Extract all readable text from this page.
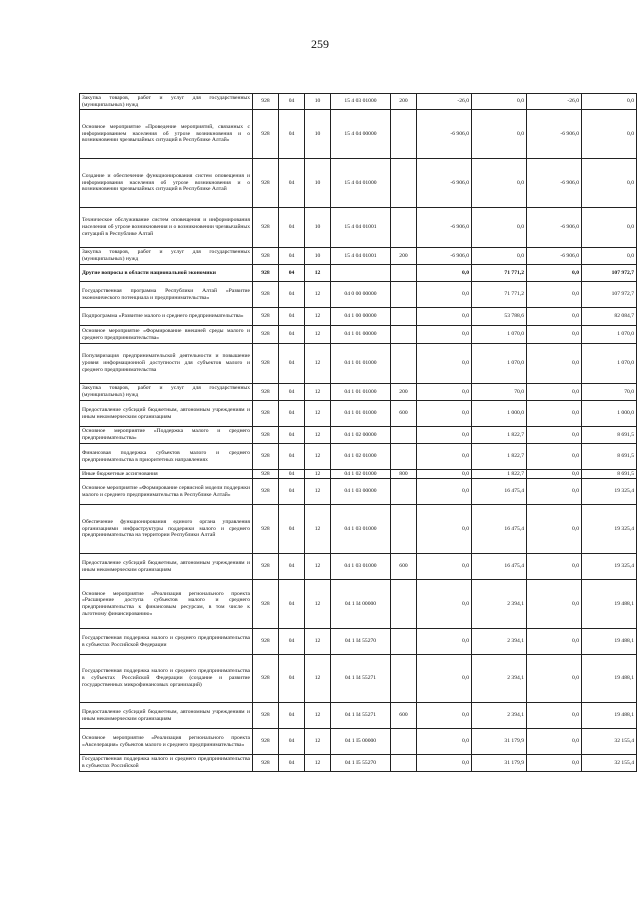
259
Закупка товаров, работ и услуг для государственных (муниципальных) нужд	928	04	10	15 4 03 01000	200	-26,0	0,0	-26,0	0,0
Основное мероприятие «Проведение мероприятий, связанных с информированием населения об угрозе возникновения и о возникновении чрезвычайных ситуаций в Республике Алтай»	928	04	10	15 4 04 00000		-6 906,0	0,0	-6 906,0	0,0
Создание и обеспечение функционирования систем оповещения и информирования населения об угрозе возникновения и о возникновении чрезвычайных ситуаций в Республике Алтай	928	04	10	15 4 04 01000		-6 906,0	0,0	-6 906,0	0,0
Техническое обслуживание систем оповещения и информирования населения об угрозе возникновения и о возникновении чрезвычайных ситуаций в Республике Алтай	928	04	10	15 4 04 01001		-6 906,0	0,0	-6 906,0	0,0
Закупка товаров, работ и услуг для государственных (муниципальных) нужд	928	04	10	15 4 04 01001	200	-6 906,0	0,0	-6 906,0	0,0
Другие вопросы в области национальной экономики	928	04	12			0,0	71 771,2	0,0	107 972,7
Государственная программа Республики Алтай «Развитие экономического потенциала и предпринимательства»	928	04	12	04 0 00 00000		0,0	71 771,2	0,0	107 972,7
Подпрограмма «Развитие малого и среднего предпринимательства»	928	04	12	04 1 00 00000		0,0	53 788,6	0,0	82 084,7
Основное мероприятие «Формирование внешней среды малого и среднего предпринимательства»	928	04	12	04 1 01 00000		0,0	1 070,0	0,0	1 070,0
Популяризация предпринимательской деятельности и повышение уровня информационной доступности для субъектов малого и среднего предпринимательства	928	04	12	04 1 01 01000		0,0	1 070,0	0,0	1 070,0
Закупка товаров, работ и услуг для государственных (муниципальных) нужд	928	04	12	04 1 01 01000	200	0,0	70,0	0,0	70,0
Предоставление субсидий бюджетным, автономным учреждениям и иным некоммерческим организациям	928	04	12	04 1 01 01000	600	0,0	1 000,0	0,0	1 000,0
Основное мероприятие «Поддержка малого и среднего предпринимательства»	928	04	12	04 1 02 00000		0,0	1 822,7	0,0	8 691,5
Финансовая поддержка субъектов малого и среднего предпринимательства в приоритетных направлениях	928	04	12	04 1 02 01000		0,0	1 822,7	0,0	8 691,5
Иные бюджетные ассигнования	928	04	12	04 1 02 01000	800	0,0	1 822,7	0,0	8 691,5
Основное мероприятие «Формирование сервисной модели поддержки малого и среднего предпринимательства в Республике Алтай»	928	04	12	04 1 03 00000		0,0	16 475,4	0,0	19 325,4
Обеспечение функционирования единого органа управления организациями инфраструктуры поддержки малого и среднего предпринимательства на территории Республики Алтай	928	04	12	04 1 03 01000		0,0	16 475,4	0,0	19 325,4
Предоставление субсидий бюджетным, автономным учреждениям и иным некоммерческим организациям	928	04	12	04 1 03 01000	600	0,0	16 475,4	0,0	19 325,4
Основное мероприятие «Реализация регионального проекта «Расширение доступа субъектов малого и среднего предпринимательства к финансовым ресурсам, в том числе к льготному финансированию»	928	04	12	04 1 I4 00000		0,0	2 394,1	0,0	19 488,1
Государственная поддержка малого и среднего предпринимательства в субъектах Российской Федерации	928	04	12	04 1 I4 55270		0,0	2 394,1	0,0	19 488,1
Государственная поддержка малого и среднего предпринимательства в субъектах Российской Федерации (создание и развитие государственных микрофинансовых организаций)	928	04	12	04 1 I4 55271		0,0	2 394,1	0,0	19 488,1
Предоставление субсидий бюджетным, автономным учреждениям и иным некоммерческим организациям	928	04	12	04 1 I4 55271	600	0,0	2 394,1	0,0	19 488,1
Основное мероприятие «Реализация регионального проекта «Акселерация» субъектов малого и среднего предпринимательства»	928	04	12	04 1 I5 00000		0,0	31 179,9	0,0	32 155,4
Государственная поддержка малого и среднего предпринимательства в субъектах Российской	928	04	12	04 1 I5 55270		0,0	31 179,9	0,0	32 155,4
